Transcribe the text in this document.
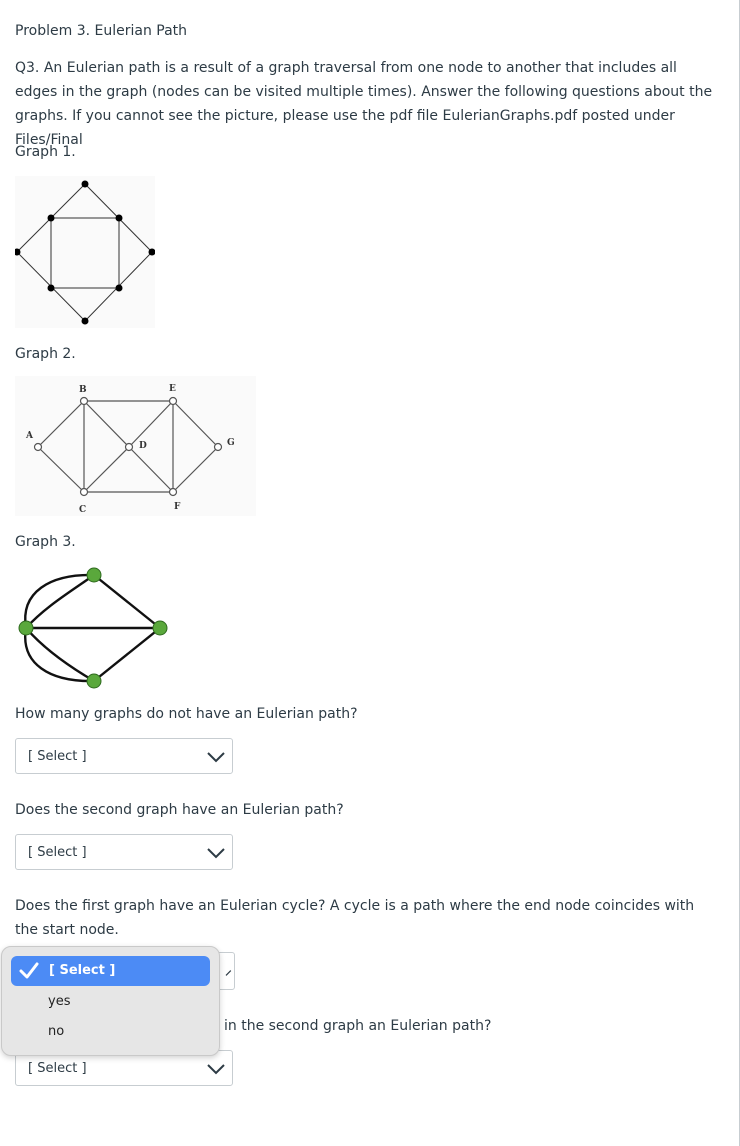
Problem 3. Eulerian Path
Q3. An Eulerian path is a result of a graph traversal from one node to another that includes all edges in the graph (nodes can be visited multiple times). Answer the following questions about the graphs. If you cannot see the picture, please use the pdf file EulerianGraphs.pdf posted under Files/Final
Graph 1.
Graph 2.
A
B
C
D
E
F
G
Graph 3.
How many graphs do not have an Eulerian path?
[ Select ]
Does the second graph have an Eulerian path?
[ Select ]
Does the first graph have an Eulerian cycle? A cycle is a path where the end node coincides with the start node.
in the second graph an Eulerian path?
[ Select ]
[ Select ]
yes
no
